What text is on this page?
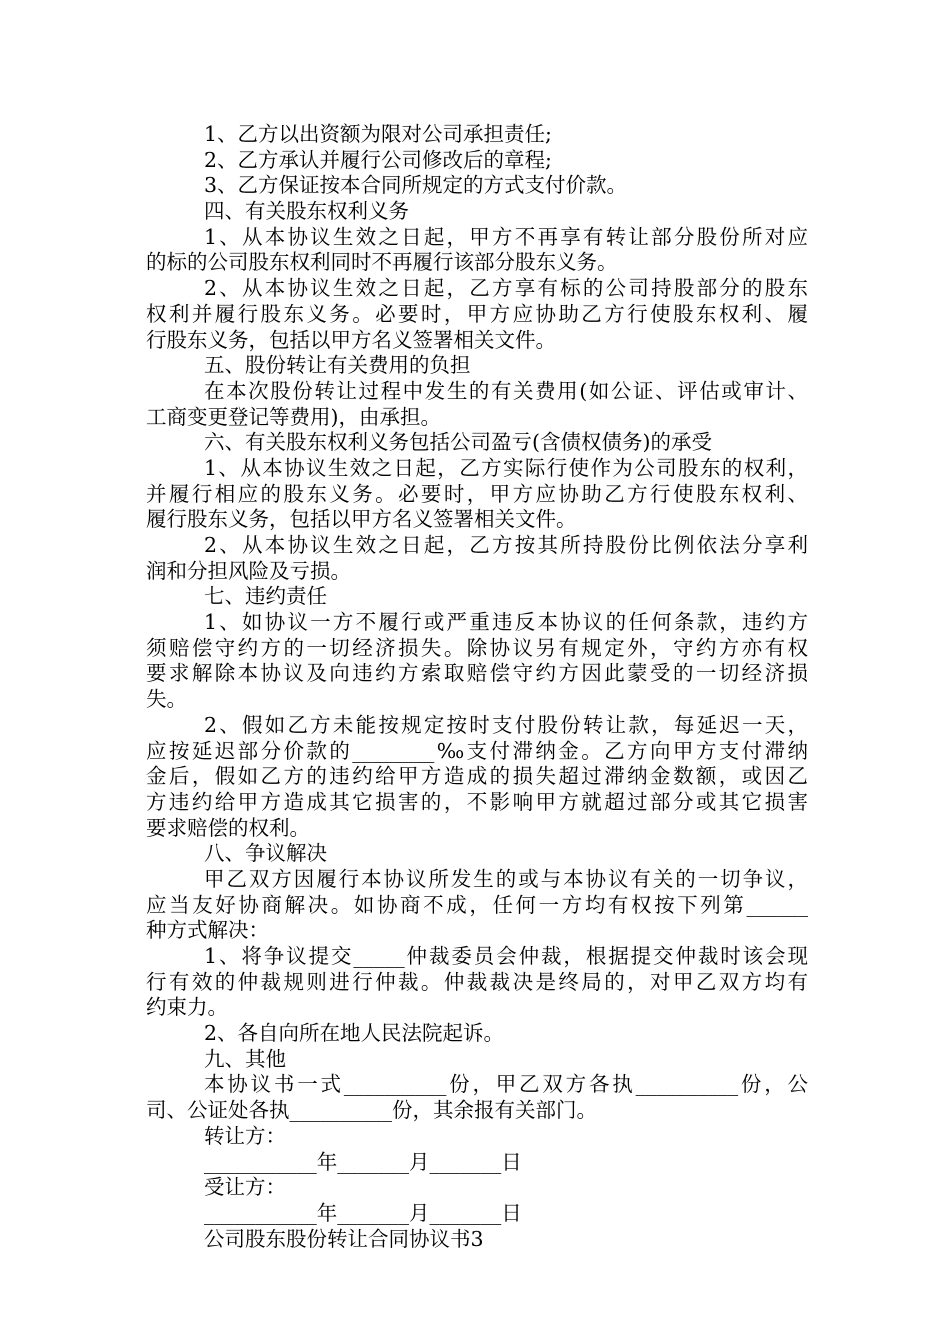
1、乙方以出资额为限对公司承担责任;
2、乙方承认并履行公司修改后的章程;
3、乙方保证按本合同所规定的方式支付价款。
四、有关股东权利义务
1、从本协议生效之日起，甲方不再享有转让部分股份所对应
的标的公司股东权利同时不再履行该部分股东义务。
2、从本协议生效之日起，乙方享有标的公司持股部分的股东
权利并履行股东义务。必要时，甲方应协助乙方行使股东权利、履
行股东义务，包括以甲方名义签署相关文件。
五、股份转让有关费用的负担
在本次股份转让过程中发生的有关费用(如公证、评估或审计、
工商变更登记等费用)，由承担。
六、有关股东权利义务包括公司盈亏(含债权债务)的承受
1、从本协议生效之日起，乙方实际行使作为公司股东的权利，
并履行相应的股东义务。必要时，甲方应协助乙方行使股东权利、
履行股东义务，包括以甲方名义签署相关文件。
2、从本协议生效之日起，乙方按其所持股份比例依法分享利
润和分担风险及亏损。
七、违约责任
1、如协议一方不履行或严重违反本协议的任何条款，违约方
须赔偿守约方的一切经济损失。除协议另有规定外，守约方亦有权
要求解除本协议及向违约方索取赔偿守约方因此蒙受的一切经济损
失。
2、假如乙方未能按规定按时支付股份转让款，每延迟一天，
应按延迟部分价款的________‰支付滞纳金。乙方向甲方支付滞纳
金后，假如乙方的违约给甲方造成的损失超过滞纳金数额，或因乙
方违约给甲方造成其它损害的，不影响甲方就超过部分或其它损害
要求赔偿的权利。
八、争议解决
甲乙双方因履行本协议所发生的或与本协议有关的一切争议，
应当友好协商解决。如协商不成，任何一方均有权按下列第______
种方式解决：
1、将争议提交_____仲裁委员会仲裁，根据提交仲裁时该会现
行有效的仲裁规则进行仲裁。仲裁裁决是终局的，对甲乙双方均有
约束力。
2、各自向所在地人民法院起诉。
九、其他
本协议书一式__________份，甲乙双方各执__________份，公
司、公证处各执__________份，其余报有关部门。
转让方：
___________年_______月_______日
受让方：
___________年_______月_______日
公司股东股份转让合同协议书3
